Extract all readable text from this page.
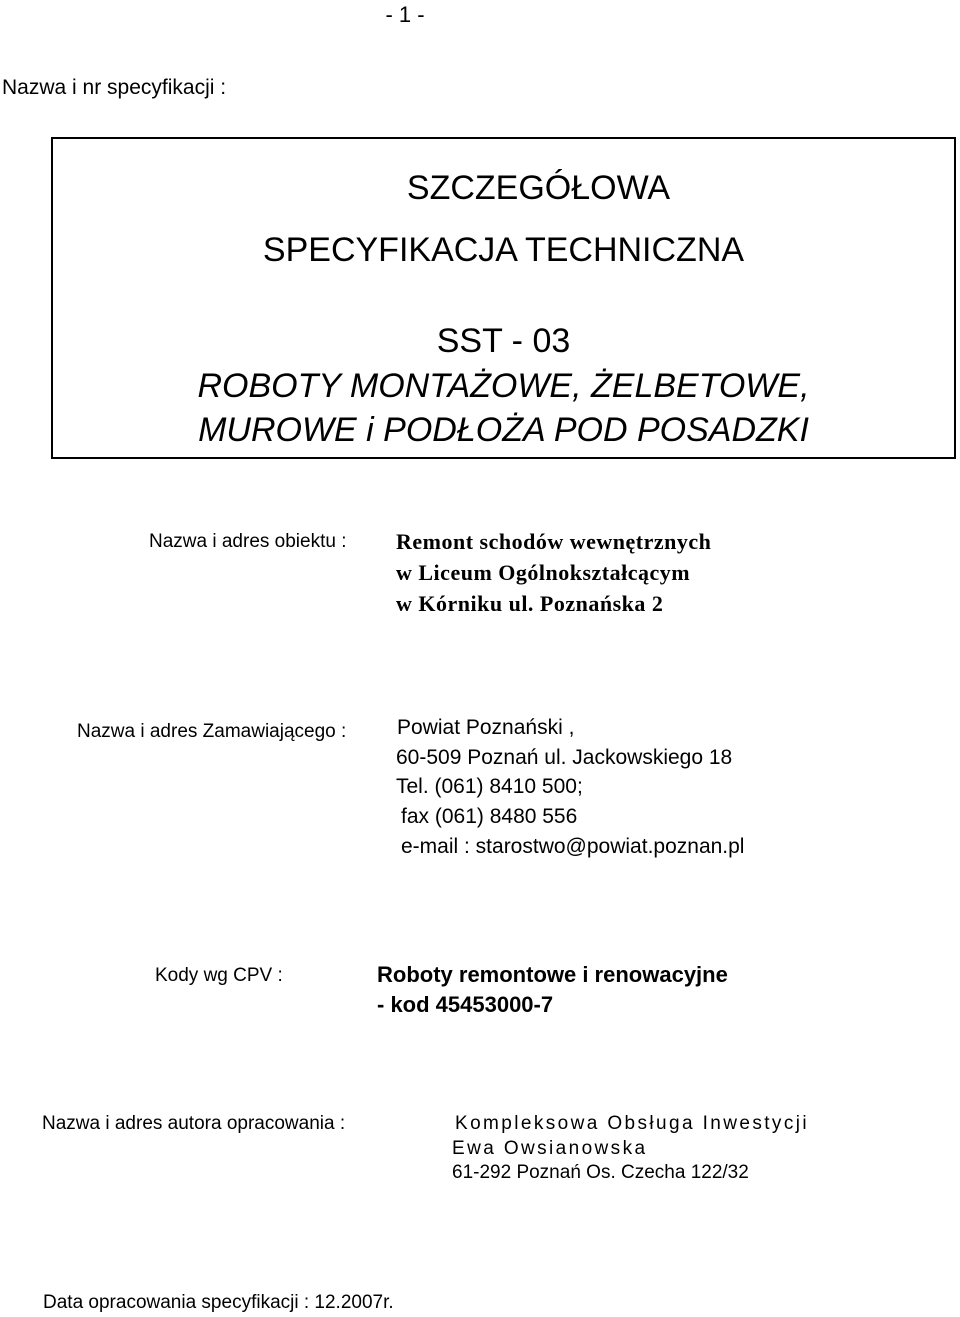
- 1 -
Nazwa i nr specyfikacji :
SZCZEGÓŁOWA
SPECYFIKACJA TECHNICZNA
SST - 03
ROBOTY MONTAŻOWE, ŻELBETOWE,
MUROWE i PODŁOŻA POD POSADZKI
Nazwa i adres obiektu : Remont schodów wewnętrznych
w Liceum Ogólnokształcącym
w Kórniku ul. Poznańska 2
Nazwa i adres Zamawiającego : Powiat Poznański ,
60-509 Poznań ul. Jackowskiego 18
Tel. (061) 8410 500;
fax (061) 8480 556
e-mail : starostwo@powiat.poznan.pl
Kody wg CPV :	Roboty remontowe i renowacyjne
- kod 45453000-7
Nazwa i adres autora opracowania :	Kompleksowa Obsługa Inwestycji
Ewa Owsianowska
61-292 Poznań Os. Czecha 122/32
Data opracowania specyfikacji : 12.2007r.
